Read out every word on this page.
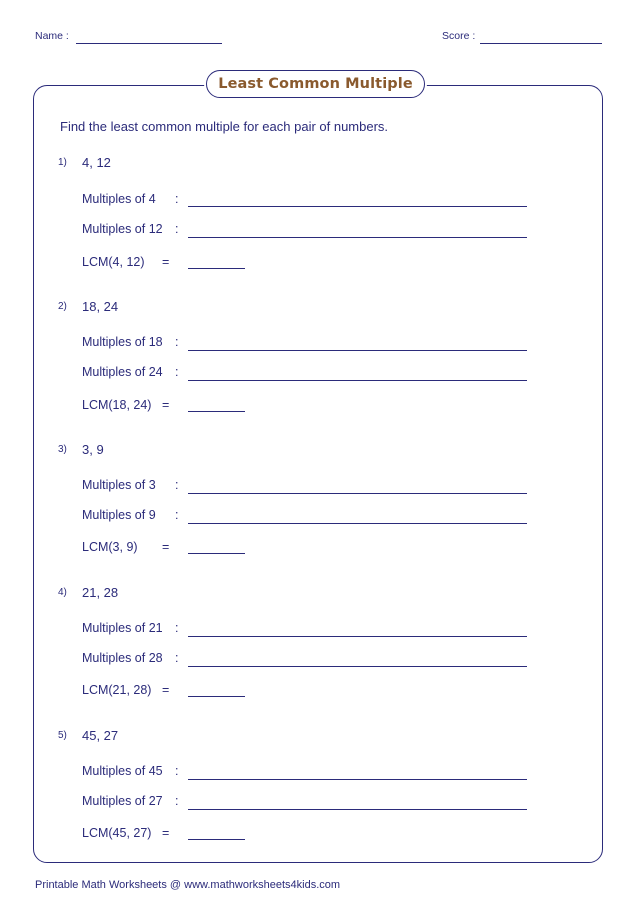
Name :	Score :
Least Common Multiple
Find the least common multiple for each pair of numbers.
1) 4, 12
Multiples of 4 :
Multiples of 12 :
LCM(4, 12) =
2) 18, 24
Multiples of 18 :
Multiples of 24 :
LCM(18, 24) =
3) 3, 9
Multiples of 3 :
Multiples of 9 :
LCM(3, 9) =
4) 21, 28
Multiples of 21 :
Multiples of 28 :
LCM(21, 28) =
5) 45, 27
Multiples of 45 :
Multiples of 27 :
LCM(45, 27) =
Printable Math Worksheets @ www.mathworksheets4kids.com
